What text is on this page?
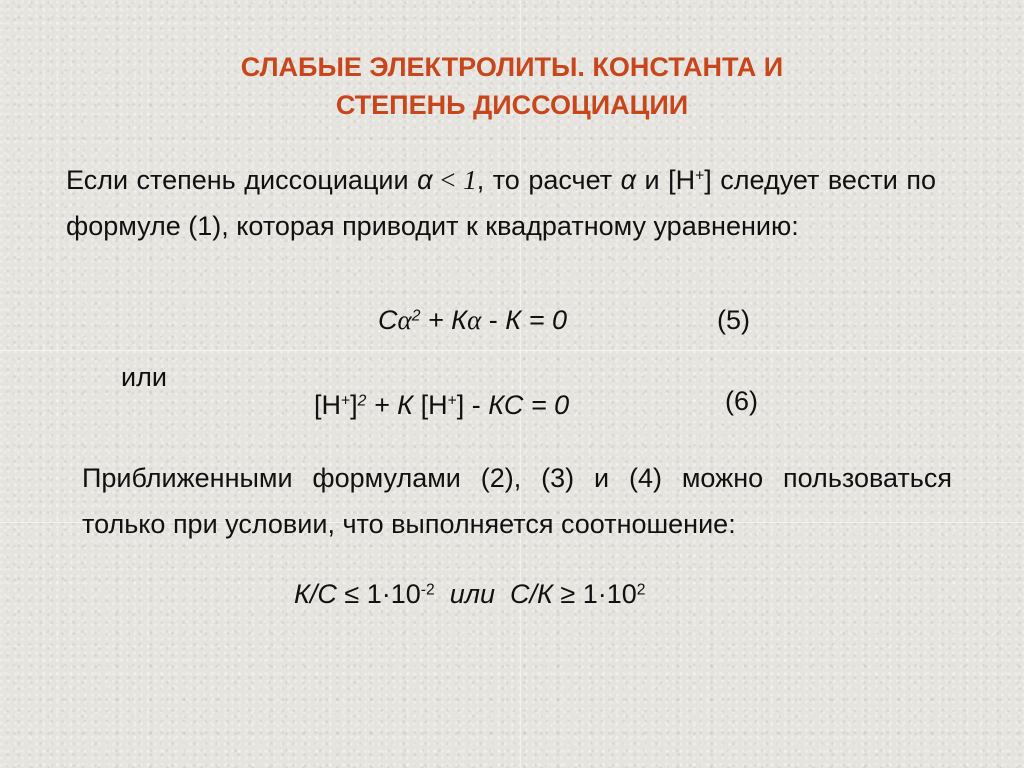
СЛАБЫЕ ЭЛЕКТРОЛИТЫ. КОНСТАНТА И
СТЕПЕНЬ ДИССОЦИАЦИИ
Если степень диссоциации α < 1, то расчет α и [Н+] следует вести по формуле (1), которая приводит к квадратному уравнению:
$С\alpha^2 + К\alpha - К = 0$	(5)
или
$[Н^+]^2 + К$ [Н+] - КС = 0	(6)
Приближенными формулами (2), (3) и (4) можно пользоваться только при условии, что выполняется соотношение:
$К/С \le 1\cdot 10^{-2}$  или  $С/К \ge 1\cdot 10^2$
